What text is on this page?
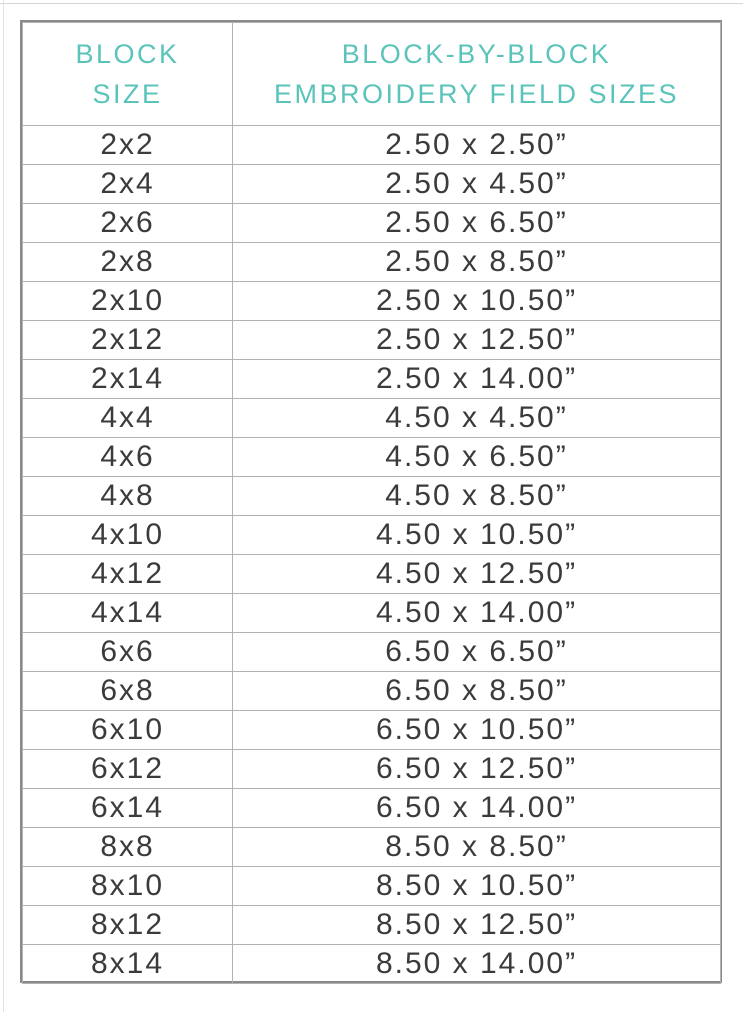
BLOCK
SIZE	BLOCK-BY-BLOCK
EMBROIDERY FIELD SIZES

2x2	2.50 x 2.50”
2x4	2.50 x 4.50”
2x6	2.50 x 6.50”
2x8	2.50 x 8.50”
2x10	2.50 x 10.50”
2x12	2.50 x 12.50”
2x14	2.50 x 14.00”
4x4	4.50 x 4.50”
4x6	4.50 x 6.50”
4x8	4.50 x 8.50”
4x10	4.50 x 10.50”
4x12	4.50 x 12.50”
4x14	4.50 x 14.00”
6x6	6.50 x 6.50”
6x8	6.50 x 8.50”
6x10	6.50 x 10.50”
6x12	6.50 x 12.50”
6x14	6.50 x 14.00”
8x8	8.50 x 8.50”
8x10	8.50 x 10.50”
8x12	8.50 x 12.50”
8x14	8.50 x 14.00”
